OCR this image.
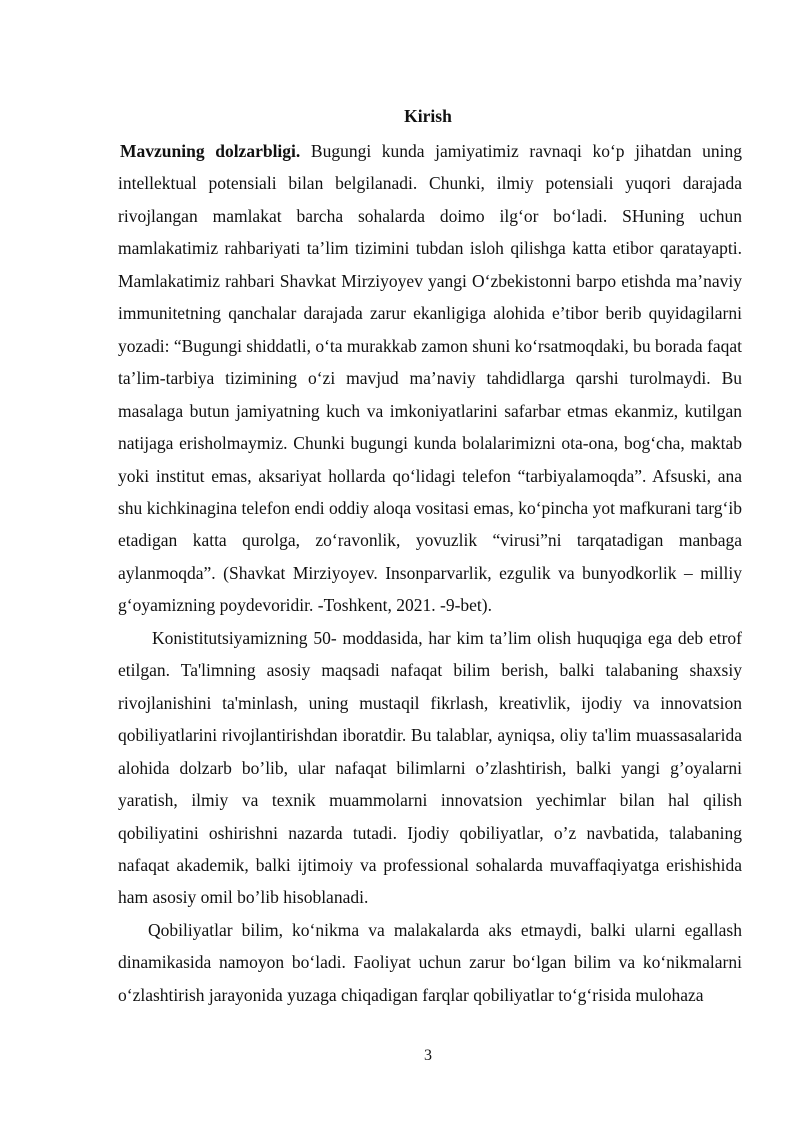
Kirish

Mavzuning dolzarbligi. Bugungi kunda jamiyatimiz ravnaqi ko‘p jihatdan uning intellektual potensiali bilan belgilanadi. Chunki, ilmiy potensiali yuqori darajada rivojlangan mamlakat barcha sohalarda doimo ilg‘or bo‘ladi. SHuning uchun mamlakatimiz rahbariyati ta’lim tizimini tubdan isloh qilishga katta etibor qaratayapti. Mamlakatimiz rahbari Shavkat Mirziyoyev yangi O‘zbekistonni barpo etishda ma’naviy immunitetning qanchalar darajada zarur ekanligiga alohida e’tibor berib quyidagilarni yozadi: “Bugungi shiddatli, o‘ta murakkab zamon shuni ko‘rsatmoqdaki, bu borada faqat ta’lim-tarbiya tizimining o‘zi mavjud ma’naviy tahdidlarga qarshi turolmaydi. Bu masalaga butun jamiyatning kuch va imkoniyatlarini safarbar etmas ekanmiz, kutilgan natijaga erisholmaymiz. Chunki bugungi kunda bolalarimizni ota-ona, bog‘cha, maktab yoki institut emas, aksariyat hollarda qo‘lidagi telefon “tarbiyalamoqda”. Afsuski, ana shu kichkinagina telefon endi oddiy aloqa vositasi emas, ko‘pincha yot mafkurani targ‘ib etadigan katta qurolga, zo‘ravonlik, yovuzlik “virusi”ni tarqatadigan manbaga aylanmoqda”. (Shavkat Mirziyoyev. Insonparvarlik, ezgulik va bunyodkorlik – milliy g‘oyamizning poydevoridir. -Toshkent, 2021. -9-bet).

Konistitutsiyamizning 50- moddasida, har kim ta’lim olish huquqiga ega deb etrof etilgan. Ta'limning asosiy maqsadi nafaqat bilim berish, balki talabaning shaxsiy rivojlanishini ta'minlash, uning mustaqil fikrlash, kreativlik, ijodiy va innovatsion qobiliyatlarini rivojlantirishdan iboratdir. Bu talablar, ayniqsa, oliy ta'lim muassasalarida alohida dolzarb bo’lib, ular nafaqat bilimlarni o’zlashtirish, balki yangi g’oyalarni yaratish, ilmiy va texnik muammolarni innovatsion yechimlar bilan hal qilish qobiliyatini oshirishni nazarda tutadi. Ijodiy qobiliyatlar, o’z navbatida, talabaning nafaqat akademik, balki ijtimoiy va professional sohalarda muvaffaqiyatga erishishida ham asosiy omil bo’lib hisoblanadi.

Qobiliyatlar bilim, ko‘nikma va malakalarda aks etmaydi, balki ularni egallash dinamikasida namoyon bo‘ladi. Faoliyat uchun zarur bo‘lgan bilim va ko‘nikmalarni o‘zlashtirish jarayonida yuzaga chiqadigan farqlar qobiliyatlar to‘g‘risida mulohaza

3
